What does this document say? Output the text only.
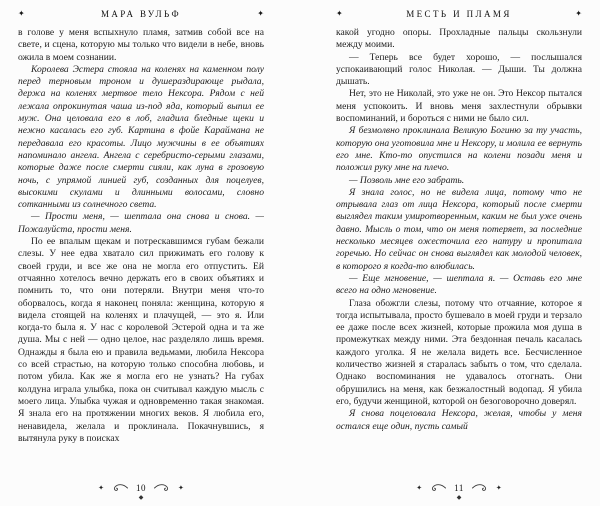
✦	МАРА ВУЛЬФ	✦

в голове у меня вспыхнуло пламя, затмив собой все на свете, и сцена, которую мы только что видели в небе, вновь ожила в моем сознании.

Королева Эстера стояла на коленях на каменном полу перед терновым троном и душераздирающе рыдала, держа на коленях мертвое тело Нексора. Рядом с ней лежала опрокинутая чаша из-под яда, который выпил ее муж. Она целовала его в лоб, гладила бледные щеки и нежно касалась его губ. Картина в фойе Караймана не передавала его красоты. Лицо мужчины в ее объятиях напоминало ангела. Ангела с серебристо-серыми глазами, которые даже после смерти сияли, как луна в грозовую ночь, с упрямой линией губ, созданных для поцелуев, высокими скулами и длинными волосами, словно сотканными из солнечного света.

— Прости меня, — шептала она снова и снова. — Пожалуйста, прости меня.

По ее впалым щекам и потрескавшимся губам бежали слезы. У нее едва хватало сил прижимать его голову к своей груди, и все же она не могла его отпустить. Ей отчаянно хотелось вечно держать его в своих объятиях и помнить то, что они потеряли. Внутри меня что-то оборвалось, когда я наконец поняла: женщина, которую я видела стоящей на коленях и плачущей, — это я. Или когда-то была я. У нас с королевой Эстерой одна и та же душа. Мы с ней — одно целое, нас разделяло лишь время. Однажды я была ею и правила ведьмами, любила Нексора со всей страстью, на которую только способна любовь, и потом убила. Как же я могла его не узнать? На губах колдуна играла улыбка, пока он считывал каждую мысль с моего лица. Улыбка чужая и одновременно такая знакомая. Я знала его на протяжении многих веков. Я любила его, ненавидела, желала и проклинала. Покачнувшись, я вытянула руку в поисках

✦	10	✦
◆
✦	МЕСТЬ И ПЛАМЯ	✦

какой угодно опоры. Прохладные пальцы скользнули между моими.

— Теперь все будет хорошо, — послышался успокаивающий голос Николая. — Дыши. Ты должна дышать.

Нет, это не Николай, это уже не он. Это Нексор пытался меня успокоить. И вновь меня захлестнули обрывки воспоминаний, и бороться с ними не было сил.

Я безмолвно проклинала Великую Богиню за ту участь, которую она уготовила мне и Нексору, и молила ее вернуть его мне. Кто-то опустился на колени позади меня и положил руку мне на плечо.

— Позволь мне его забрать.

Я знала голос, но не видела лица, потому что не отрывала глаз от лица Нексора, который после смерти выглядел таким умиротворенным, каким не был уже очень давно. Мысль о том, что он меня потеряет, за последние несколько месяцев ожесточила его натуру и пропитала горечью. Но сейчас он снова выглядел как молодой человек, в которого я когда-то влюбилась.

— Еще мгновение, — шептала я. — Оставь его мне всего на одно мгновение.

Глаза обожгли слезы, потому что отчаяние, которое я тогда испытывала, просто бушевало в моей груди и терзало ее даже после всех жизней, которые прожила моя душа в промежутках между ними. Эта бездонная печаль касалась каждого уголка. Я не желала видеть все. Бесчисленное количество жизней я старалась забыть о том, что сделала. Однако воспоминания не удавалось отогнать. Они обрушились на меня, как безжалостный водопад. Я убила его, будучи женщиной, которой он безоговорочно доверял.

Я снова поцеловала Нексора, желая, чтобы у меня остался еще один, пусть самый

✦	11	✦
◆
